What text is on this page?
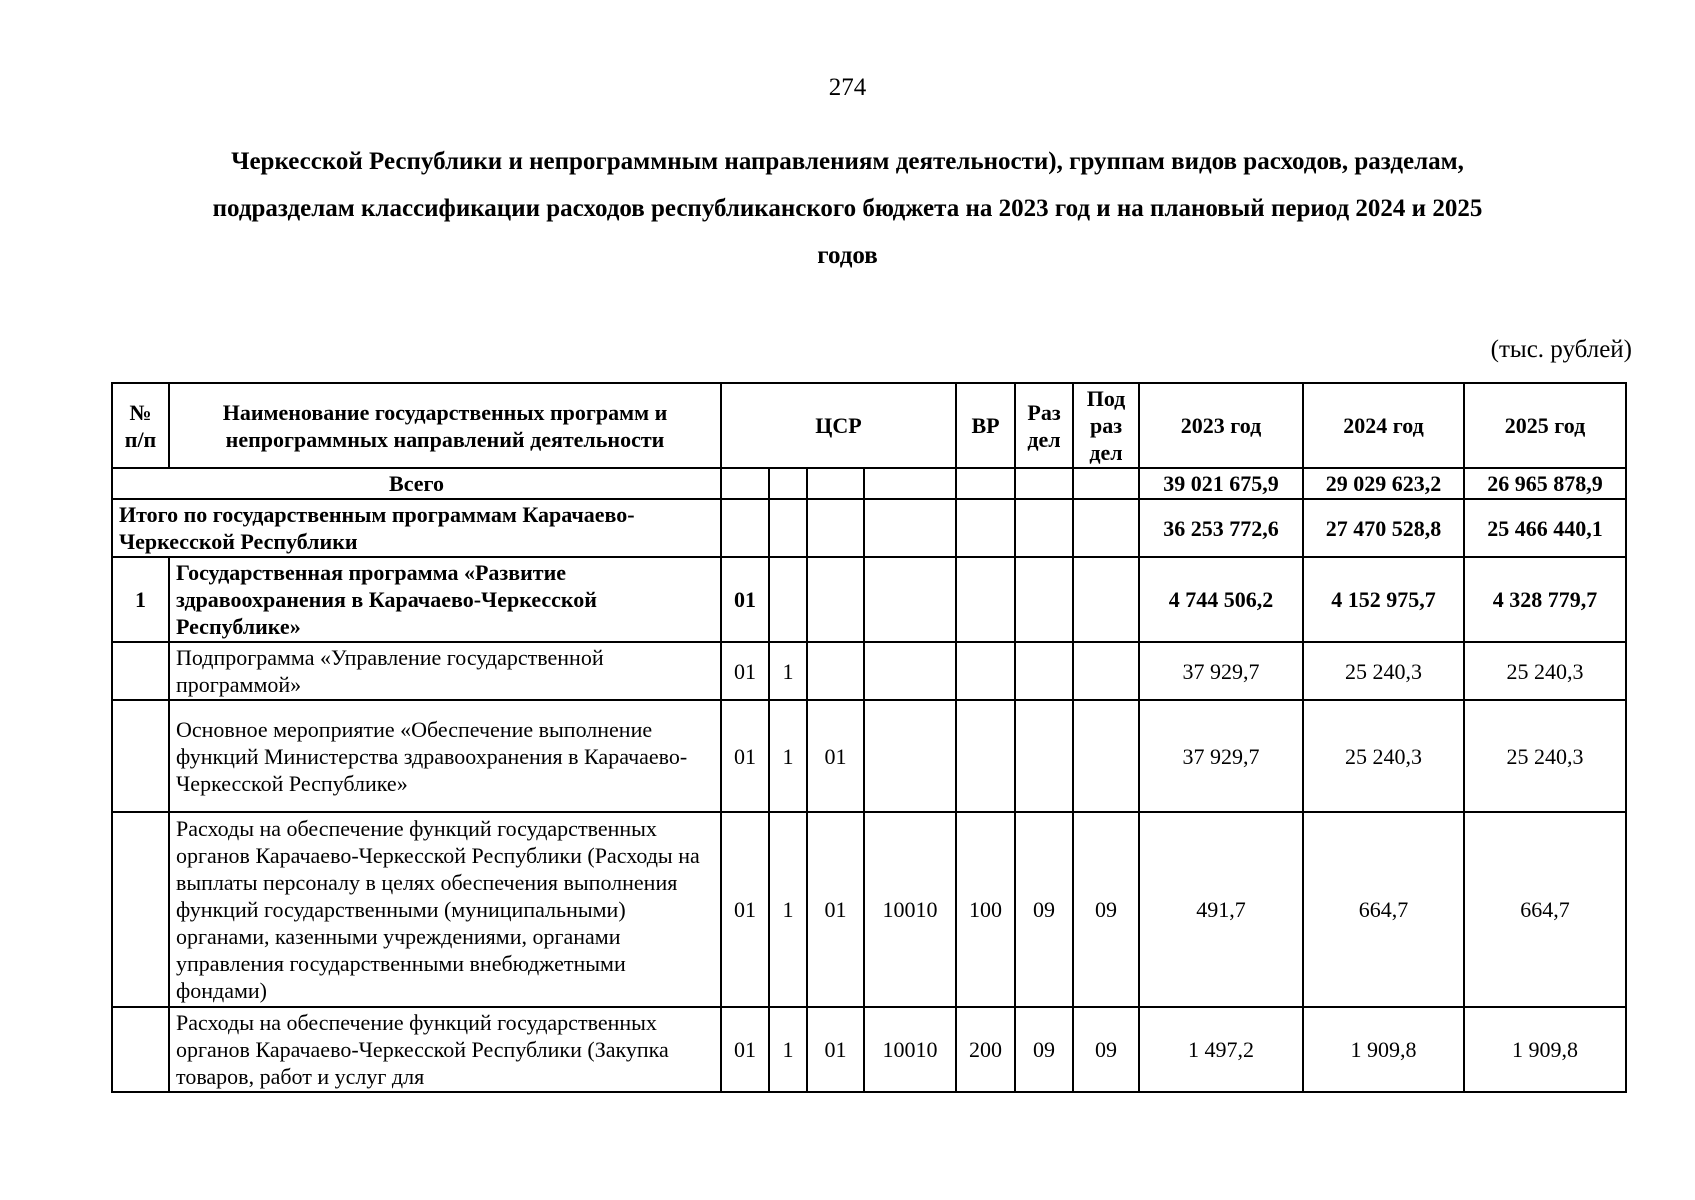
274
Черкесской Республики и непрограммным направлениям деятельности), группам видов расходов, разделам,
подразделам классификации расходов республиканского бюджета на 2023 год и на плановый период 2024 и 2025
годов
(тыс. рублей)
№ п/п	Наименование государственных программ и непрограммных направлений деятельности	ЦСР				ВР	Раз дел	Под раз дел	2023 год	2024 год	2025 год
Всего									39 021 675,9	29 029 623,2	26 965 878,9
Итого по государственным программам Карачаево-Черкесской Республики									36 253 772,6	27 470 528,8	25 466 440,1
1	Государственная программа «Развитие здравоохранения в Карачаево-Черкесской Республике»	01							4 744 506,2	4 152 975,7	4 328 779,7
	Подпрограмма «Управление государственной программой»	01	1						37 929,7	25 240,3	25 240,3
	Основное мероприятие «Обеспечение выполнение функций Министерства здравоохранения в Карачаево-Черкесской Республике»	01	1	01					37 929,7	25 240,3	25 240,3
	Расходы на обеспечение функций государственных органов Карачаево-Черкесской Республики (Расходы на выплаты персоналу в целях обеспечения выполнения функций государственными (муниципальными) органами, казенными учреждениями, органами управления государственными внебюджетными фондами)	01	1	01	10010	100	09	09	491,7	664,7	664,7
	Расходы на обеспечение функций государственных органов Карачаево-Черкесской Республики (Закупка товаров, работ и услуг для	01	1	01	10010	200	09	09	1 497,2	1 909,8	1 909,8
